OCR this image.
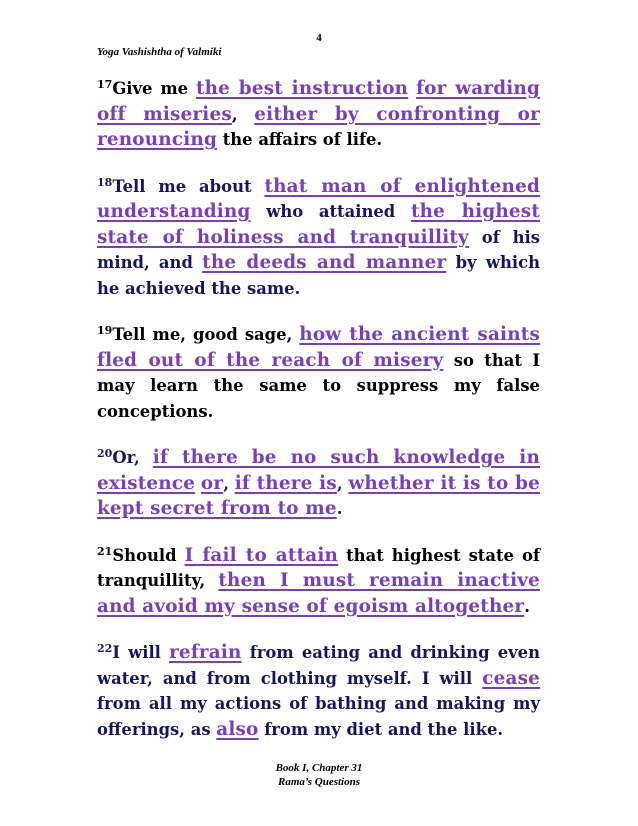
4
Yoga Vashishtha of Valmiki

$^{17}$Give me the best instruction for warding off miseries, either by confronting or renouncing the affairs of life.

$^{18}$Tell me about that man of enlightened understanding who attained the highest state of holiness and tranquillity of his mind, and the deeds and manner by which he achieved the same.

$^{19}$Tell me, good sage, how the ancient saints fled out of the reach of misery so that I may learn the same to suppress my false conceptions.

$^{20}$Or, if there be no such knowledge in existence or, if there is, whether it is to be kept secret from to me.

$^{21}$Should I fail to attain that highest state of tranquillity, then I must remain inactive and avoid my sense of egoism altogether.

$^{22}$I will refrain from eating and drinking even water, and from clothing myself. I will cease from all my actions of bathing and making my offerings, as also from my diet and the like.

Book I, Chapter 31
Rama’s Questions
